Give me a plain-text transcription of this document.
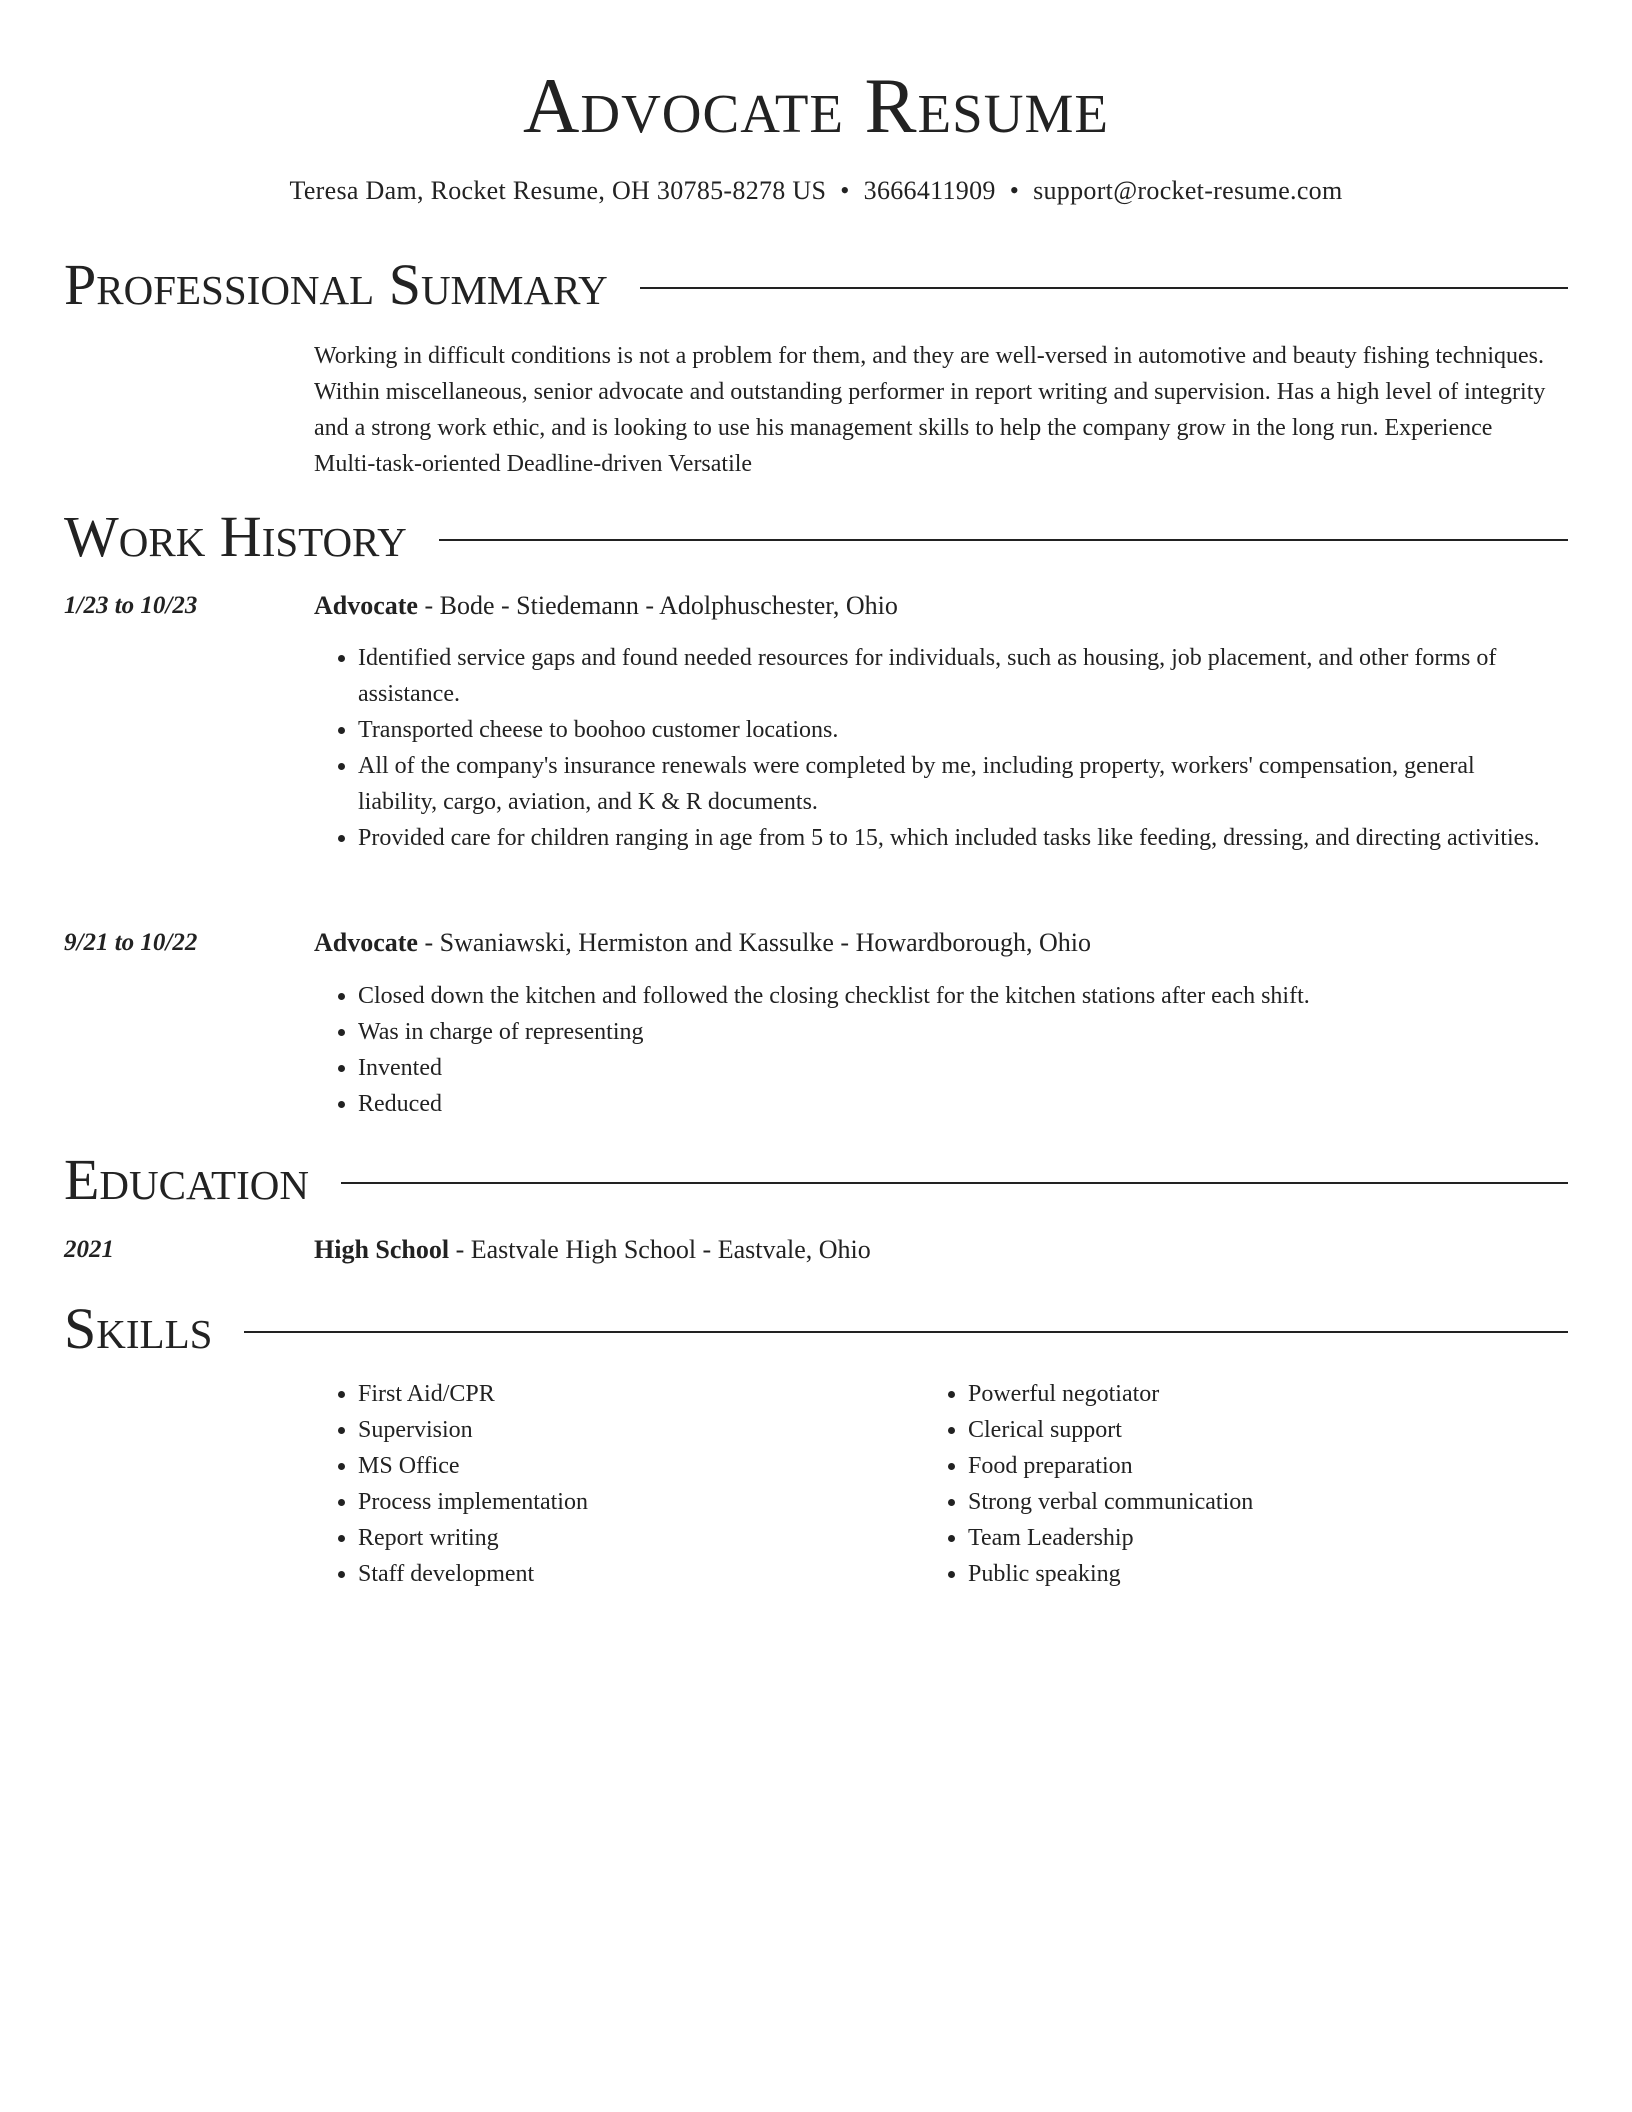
Advocate Resume
Teresa Dam, Rocket Resume, OH 30785-8278 US • 3666411909 • support@rocket-resume.com
Professional Summary

Working in difficult conditions is not a problem for them, and they are well-versed in automotive and beauty fishing techniques. Within miscellaneous, senior advocate and outstanding performer in report writing and supervision. Has a high level of integrity and a strong work ethic, and is looking to use his management skills to help the company grow in the long run. Experience Multi-task-oriented Deadline-driven Versatile

Work History
1/23 to 10/23	Advocate - Bode - Stiedemann - Adolphuschester, Ohio
• Identified service gaps and found needed resources for individuals, such as housing, job placement, and other forms of assistance.
• Transported cheese to boohoo customer locations.
• All of the company's insurance renewals were completed by me, including property, workers' compensation, general liability, cargo, aviation, and K & R documents.
• Provided care for children ranging in age from 5 to 15, which included tasks like feeding, dressing, and directing activities.
9/21 to 10/22	Advocate - Swaniawski, Hermiston and Kassulke - Howardborough, Ohio
• Closed down the kitchen and followed the closing checklist for the kitchen stations after each shift.
• Was in charge of representing
• Invented
• Reduced
Education
2021	High School - Eastvale High School - Eastvale, Ohio
Skills
• First Aid/CPR
• Supervision
• MS Office
• Process implementation
• Report writing
• Staff development
• Powerful negotiator
• Clerical support
• Food preparation
• Strong verbal communication
• Team Leadership
• Public speaking
